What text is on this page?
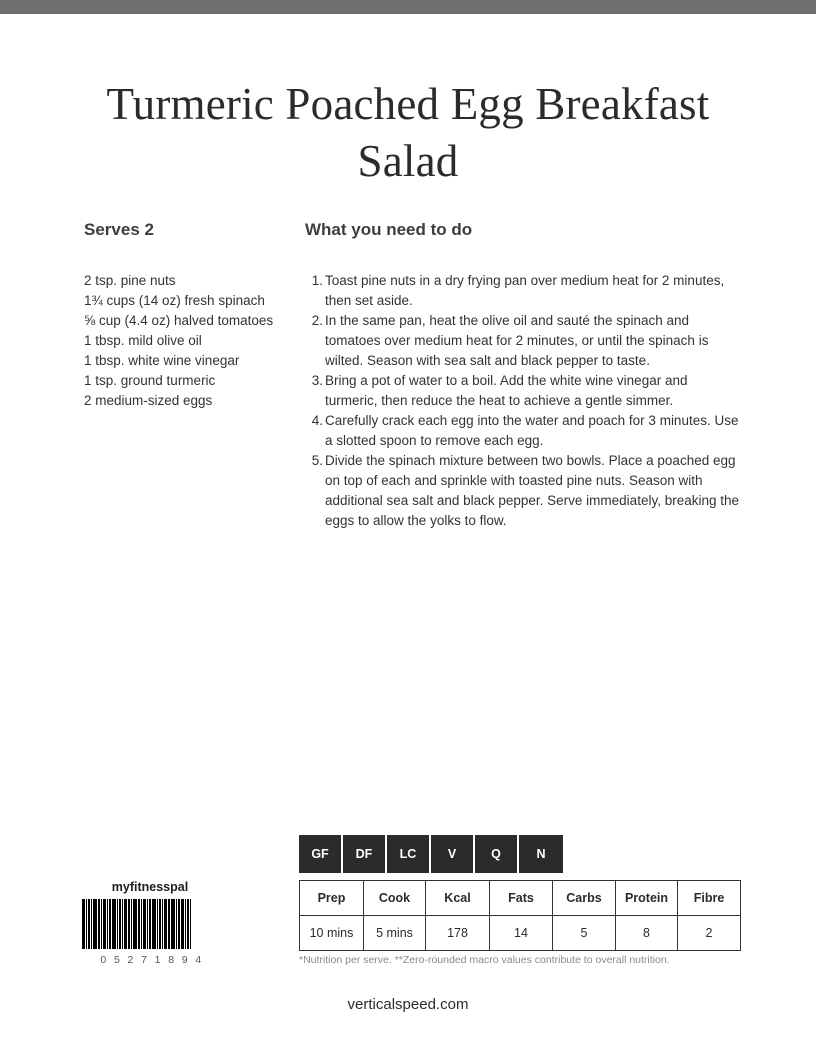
Turmeric Poached Egg Breakfast Salad
Serves 2	What you need to do
2 tsp. pine nuts
1¾ cups (14 oz) fresh spinach
⅝ cup (4.4 oz) halved tomatoes
1 tbsp. mild olive oil
1 tbsp. white wine vinegar
1 tsp. ground turmeric
2 medium-sized eggs
1. Toast pine nuts in a dry frying pan over medium heat for 2 minutes, then set aside.
2. In the same pan, heat the olive oil and sauté the spinach and tomatoes over medium heat for 2 minutes, or until the spinach is wilted. Season with sea salt and black pepper to taste.
3. Bring a pot of water to a boil. Add the white wine vinegar and turmeric, then reduce the heat to achieve a gentle simmer.
4. Carefully crack each egg into the water and poach for 3 minutes. Use a slotted spoon to remove each egg.
5. Divide the spinach mixture between two bowls. Place a poached egg on top of each and sprinkle with toasted pine nuts. Season with additional sea salt and black pepper. Serve immediately, breaking the eggs to allow the yolks to flow.
GF	DF	LC	V	Q	N
Prep	Cook	Kcal	Fats	Carbs	Protein	Fibre
10 mins	5 mins	178	14	5	8	2
*Nutrition per serve. **Zero-rounded macro values contribute to overall nutrition.
myfitnesspal
0 5 2 7 1 8 9 4
verticalspeed.com
